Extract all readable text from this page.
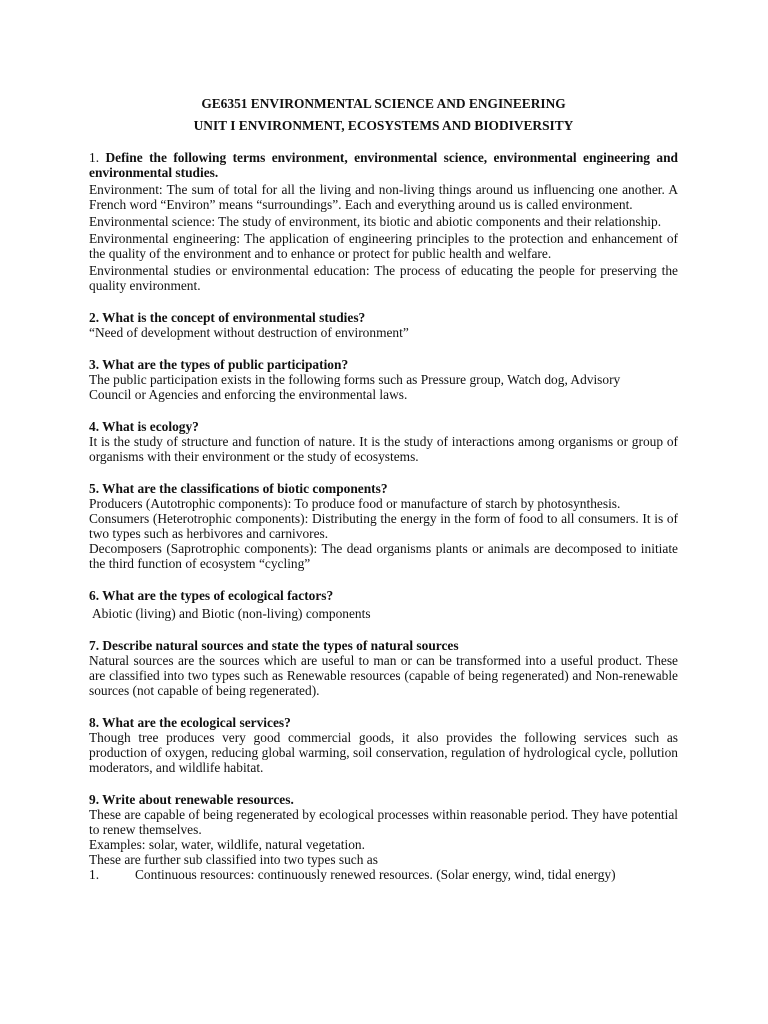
GE6351 ENVIRONMENTAL SCIENCE AND ENGINEERING
UNIT I ENVIRONMENT, ECOSYSTEMS AND BIODIVERSITY
1. Define the following terms environment, environmental science, environmental engineering and environmental studies.
Environment: The sum of total for all the living and non-living things around us influencing one another. A French word “Environ” means “surroundings”. Each and everything around us is called environment.
Environmental science: The study of environment, its biotic and abiotic components and their relationship.
Environmental engineering: The application of engineering principles to the protection and enhancement of the quality of the environment and to enhance or protect for public health and welfare.
Environmental studies or environmental education: The process of educating the people for preserving the quality environment.
2. What is the concept of environmental studies?
“Need of development without destruction of environment”
3. What are the types of public participation?
The public participation exists in the following forms such as Pressure group, Watch dog, Advisory Council or Agencies and enforcing the environmental laws.
4. What is ecology?
It is the study of structure and function of nature. It is the study of interactions among organisms or group of organisms with their environment or the study of ecosystems.
5. What are the classifications of biotic components?
Producers (Autotrophic components): To produce food or manufacture of starch by photosynthesis.
Consumers (Heterotrophic components): Distributing the energy in the form of food to all consumers. It is of two types such as herbivores and carnivores.
Decomposers (Saprotrophic components): The dead organisms plants or animals are decomposed to initiate the third function of ecosystem “cycling”
6. What are the types of ecological factors?
Abiotic (living) and Biotic (non-living) components
7. Describe natural sources and state the types of natural sources
Natural sources are the sources which are useful to man or can be transformed into a useful product. These are classified into two types such as Renewable resources (capable of being regenerated) and Non-renewable sources (not capable of being regenerated).
8. What are the ecological services?
Though tree produces very good commercial goods, it also provides the following services such as production of oxygen, reducing global warming, soil conservation, regulation of hydrological cycle, pollution moderators, and wildlife habitat.
9. Write about renewable resources.
These are capable of being regenerated by ecological processes within reasonable period. They have potential to renew themselves.
Examples: solar, water, wildlife, natural vegetation.
These are further sub classified into two types such as
1.	Continuous resources: continuously renewed resources. (Solar energy, wind, tidal energy)
